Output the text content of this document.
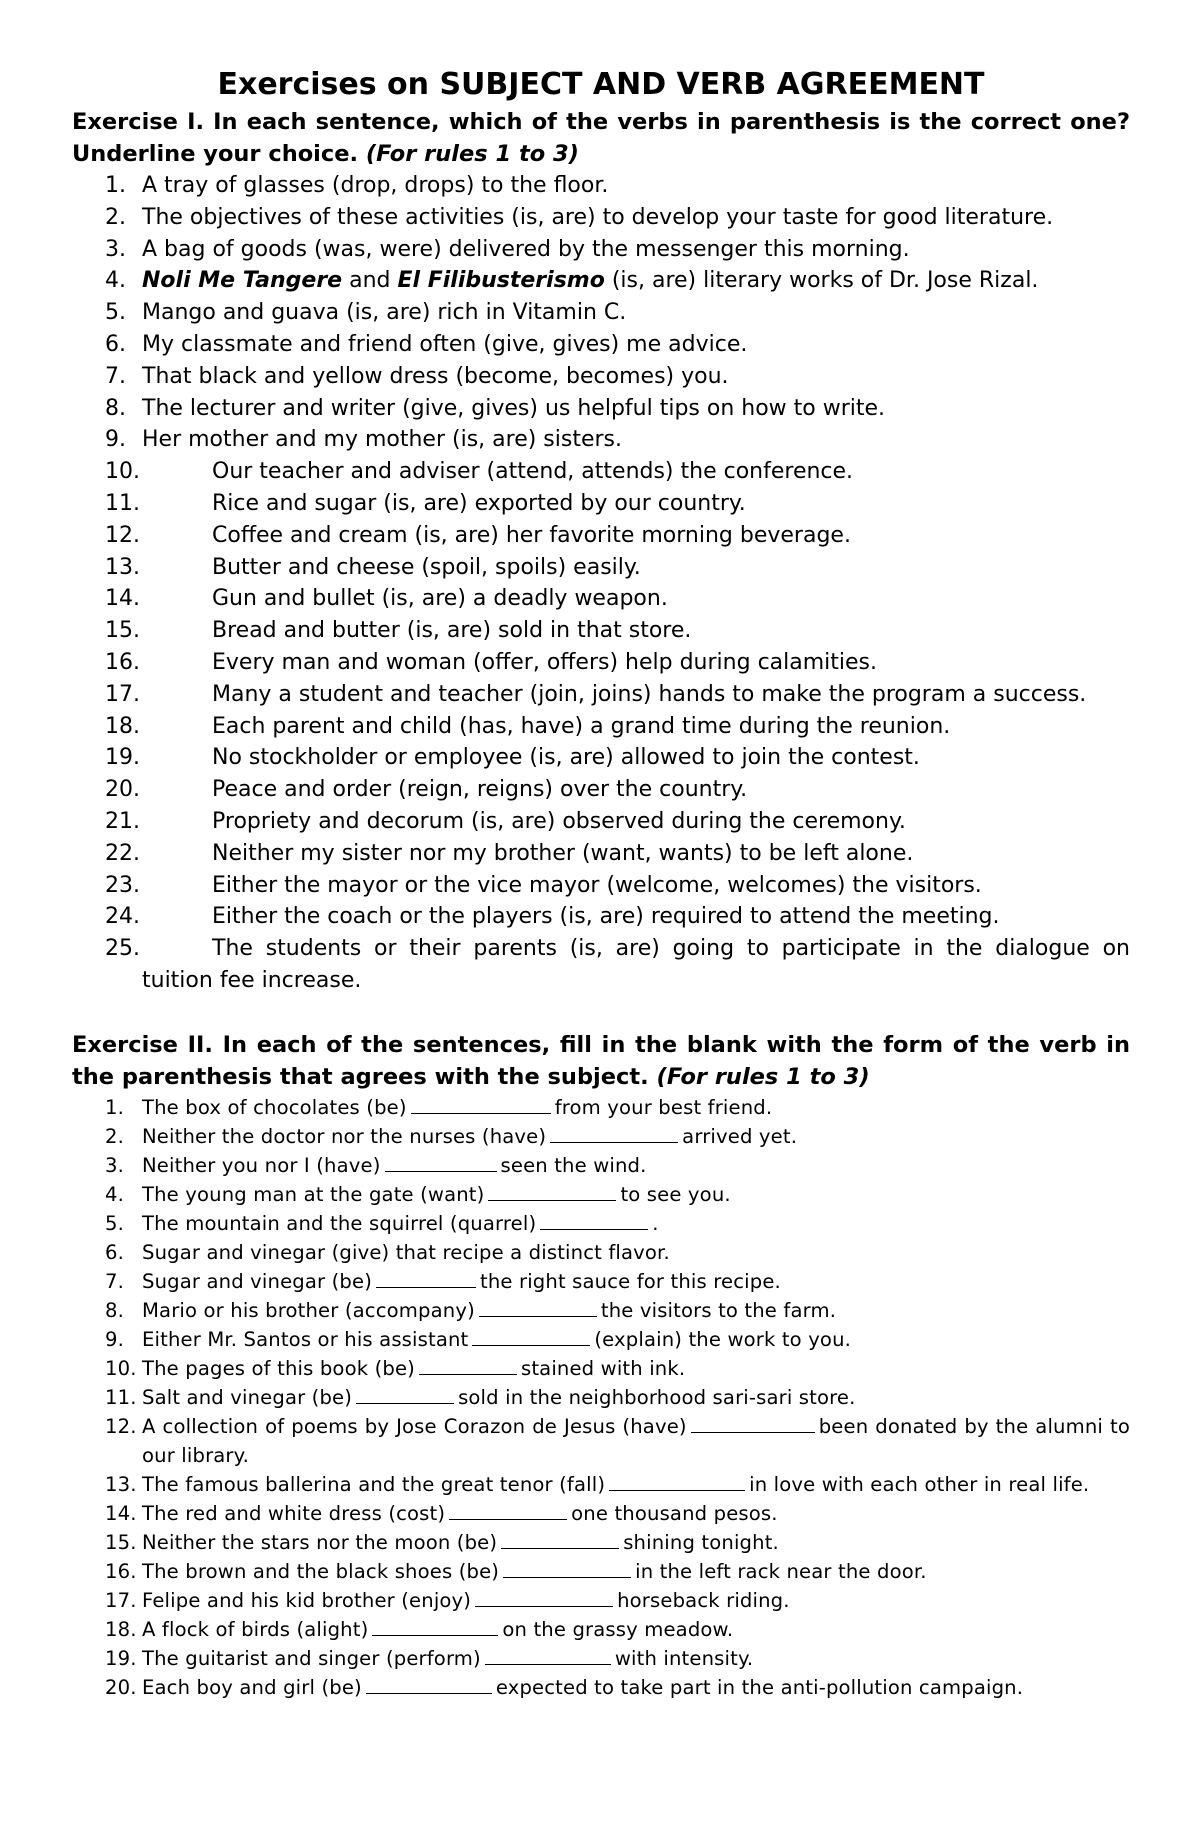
Exercises on SUBJECT AND VERB AGREEMENT

Exercise I. In each sentence, which of the verbs in parenthesis is the correct one? Underline your choice. (For rules 1 to 3)

1. A tray of glasses (drop, drops) to the floor.
2. The objectives of these activities (is, are) to develop your taste for good literature.
3. A bag of goods (was, were) delivered by the messenger this morning.
4. Noli Me Tangere and El Filibusterismo (is, are) literary works of Dr. Jose Rizal.
5. Mango and guava (is, are) rich in Vitamin C.
6. My classmate and friend often (give, gives) me advice.
7. That black and yellow dress (become, becomes) you.
8. The lecturer and writer (give, gives) us helpful tips on how to write.
9. Her mother and my mother (is, are) sisters.
10.	Our teacher and adviser (attend, attends) the conference.
11.	Rice and sugar (is, are) exported by our country.
12.	Coffee and cream (is, are) her favorite morning beverage.
13.	Butter and cheese (spoil, spoils) easily.
14.	Gun and bullet (is, are) a deadly weapon.
15.	Bread and butter (is, are) sold in that store.
16.	Every man and woman (offer, offers) help during calamities.
17.	Many a student and teacher (join, joins) hands to make the program a success.
18.	Each parent and child (has, have) a grand time during the reunion.
19.	No stockholder or employee (is, are) allowed to join the contest.
20.	Peace and order (reign, reigns) over the country.
21.	Propriety and decorum (is, are) observed during the ceremony.
22.	Neither my sister nor my brother (want, wants) to be left alone.
23.	Either the mayor or the vice mayor (welcome, welcomes) the visitors.
24.	Either the coach or the players (is, are) required to attend the meeting.
25.	The students or their parents (is, are) going to participate in the dialogue on tuition fee increase.

Exercise II. In each of the sentences, fill in the blank with the form of the verb in the parenthesis that agrees with the subject. (For rules 1 to 3)

1. The box of chocolates (be)	from your best friend.
2. Neither the doctor nor the nurses (have)	arrived yet.
3. Neither you nor I (have)	seen the wind.
4. The young man at the gate (want)	to see you.
5. The mountain and the squirrel (quarrel)	.
6. Sugar and vinegar (give) that recipe a distinct flavor.
7. Sugar and vinegar (be)	the right sauce for this recipe.
8. Mario or his brother (accompany)	the visitors to the farm.
9. Either Mr. Santos or his assistant	(explain) the work to you.
10. The pages of this book (be)	stained with ink.
11. Salt and vinegar (be)	sold in the neighborhood sari-sari store.
12. A collection of poems by Jose Corazon de Jesus (have)	been donated by the alumni to our library.
13. The famous ballerina and the great tenor (fall)	in love with each other in real life.
14. The red and white dress (cost)	one thousand pesos.
15. Neither the stars nor the moon (be)	shining tonight.
16. The brown and the black shoes (be)	in the left rack near the door.
17. Felipe and his kid brother (enjoy)	horseback riding.
18. A flock of birds (alight)	on the grassy meadow.
19. The guitarist and singer (perform)	with intensity.
20. Each boy and girl (be)	expected to take part in the anti-pollution campaign.
